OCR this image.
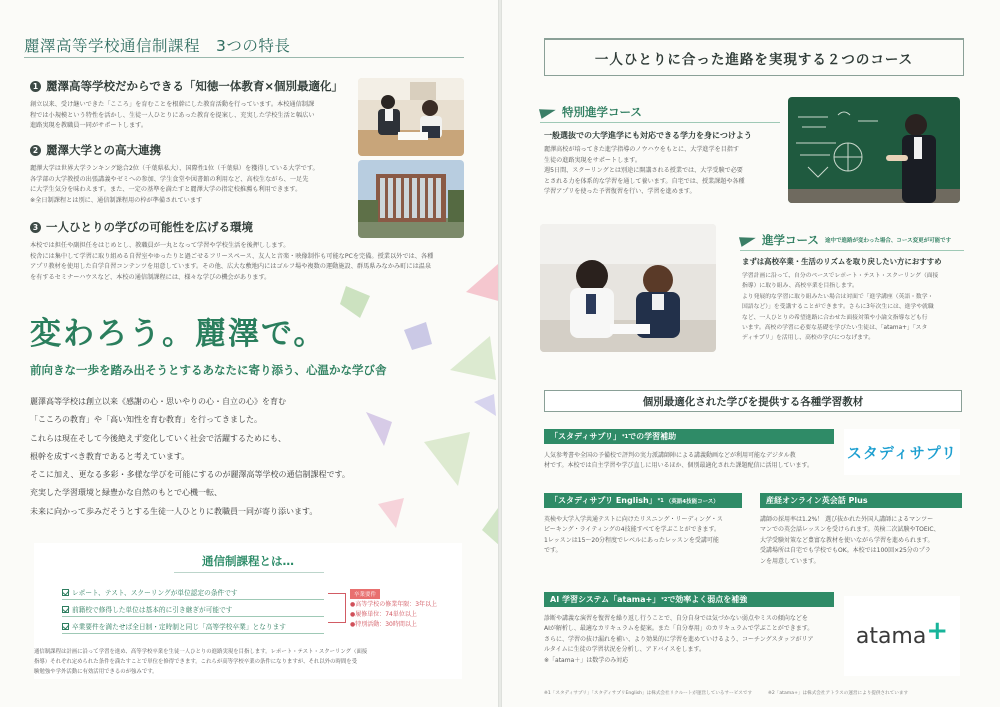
麗澤高等学校通信制課程　3つの特長
1 麗澤高等学校だからできる「知徳一体教育×個別最適化」
創立以来、受け継いできた「こころ」を育むことを根幹にした教育活動を行っています。本校通信制課
程では小規模という特性を活かし、生徒一人ひとりにあった教育を提案し、充実した学校生活と幅広い
進路実現を教職員一同がサポートします。
2 麗澤大学との高大連携
麗澤大学は世界大学ランキング総合2位（千葉県私大）、国際性1位（千葉県）を獲得している大学です。
各学部の大学教授の出張講義やゼミへの参加、学生食堂や図書館の利用など、高校生ながら、一足先
に大学生気分を味わえます。また、一定の基準を満たすと麗澤大学の指定校推薦も利用できます。
※全日制課程とは別に、通信制課程用の枠が準備されています
3 一人ひとりの学びの可能性を広げる環境
本校では担任や副担任をはじめとし、教職員が一丸となって学習や学校生活を後押しします。
校舎には集中して学習に取り組める自習室やゆったりと過ごせるフリースペース、友人と音楽・映像制作も可能なPCを完備。授業以外では、各種
アプリ教材を使用した自学自習コンテンツを用意しています。その他、広大な敷地内にはゴルフ場や複数の運動施設、群馬県みなかみ町には温泉
を有するセミナーハウスなど、本校の通信制課程には、様々な学びの機会があります。
変わろう。麗澤で。
前向きな一歩を踏み出そうとするあなたに寄り添う、心温かな学び舎

麗澤高等学校は創立以来《感謝の心・思いやりの心・自立の心》を育む

「こころの教育」や「高い知性を育む教育」を行ってきました。

これらは現在そして今後絶えず変化していく社会で活躍するためにも、

根幹を成すべき教育であると考えています。

そこに加え、更なる多彩・多様な学びを可能にするのが麗澤高等学校の通信制課程です。

充実した学習環境と緑豊かな自然のもとで心機一転、

未来に向かって歩みだそうとする生徒一人ひとりに教職員一同が寄り添います。

通信制課程とは…
レポート、テスト、スクーリングが単位認定の条件です
前籍校で修得した単位は基本的に引き継ぎが可能です
卒業要件を満たせば全日制・定時制と同じ「高等学校卒業」となります
卒業要件
●高等学校の修業年限：3年以上
●履修単位：74単位以上
●特別活動：30時間以上
通信制課程は計画に沿って学習を進め、高等学校卒業を生徒一人ひとりの進路実現を目指します。レポート・テスト・スクーリング（面接
指導）それぞれ定められた条件を満たすことで単位を修得できます。これらが高等学校卒業の条件になりますが、それ以外の時間を受
験勉強や学外活動に有効活用できるのが強みです。
一人ひとりに合った進路を実現する２つのコース
特別進学コース
一般選抜での大学進学にも対応できる学力を身につけよう

麗澤高校が培ってきた進学指導のノウハウをもとに、大学進学を目指す

生徒の進路実現をサポートします。

週5日間、スクーリングとは別途に開講される授業では、大学受験で必要

とされる力を体系的な学習を通して養います。自宅では、授業課題や各種

学習アプリを使った予習復習を行い、学習を進めます。

進学コース 途中で進路が変わった場合、コース変更が可能です
まずは高校卒業・生活のリズムを取り戻したい方におすすめ

学習計画に沿って、自分のペースでレポート・テスト・スクーリング（面接

指導）に取り組み、高校卒業を目指します。

より発展的な学習に取り組みたい場合は対面で「進学講座（英語・数学・

国語など）」を受講することができます。さらに3年次生には、進学や就職

など、一人ひとりの希望進路に合わせた面接対策や小論文指導なども行

います。高校の学習に必要な基礎を学びたい生徒は、「atama+」「スタ

ディサプリ」を活用し、高校の学びにつなげます。

個別最適化された学びを提供する各種学習教材
「スタディサプリ」 *1 での学習補助

人気参考書や全国の予備校で評判の実力派講師陣による講義動画などが利用可能なデジタル教

材です。本校では自主学習や学び直しに用いるほか、個別最適化された課題配信に活用しています。

スタディサプリ
「スタディサプリ English」 *1 （英語4技能コース）

英検や大学入学共通テストに向けたリスニング・リーディング・ス

ピーキング・ライティングの4技能すべてを学ぶことができます。

1レッスンは15〜20分程度でレベルにあったレッスンを受講可能

です。

産経オンライン英会話 Plus

講師の採用率は1.2%！ 選び抜かれた外国人講師によるマンツー

マンでの英会話レッスンを受けられます。英検二次試験やTOEIC、

大学受験対策など豊富な教材を使いながら学習を進められます。

受講場所は自宅でも学校でもOK。本校では100回×25分のプラ

ンを用意しています。

AI 学習システム「atama+」 *2 で効率よく弱点を補強

診断や講義な演習を復習を繰り返し行うことで、自分自身では気づかない弱点やミスの傾向などを

AIが解析し、最適なカリキュラムを提案。また「自分専用」のカリキュラムで学ぶことができます。

さらに、学習の抜け漏れを補い、より効果的に学習を進めていけるよう、コーチングスタッフがリア

ルタイムに生徒の学習状況を分析し、アドバイスをします。

※「atama＋」は数学のみ対応

atama +
※1「スタディサプリ」「スタディサプリEnglish」は株式会社リクルートが運営しているサービスです	※2「atama+」は株式会社アトラスの運営により提供されています
